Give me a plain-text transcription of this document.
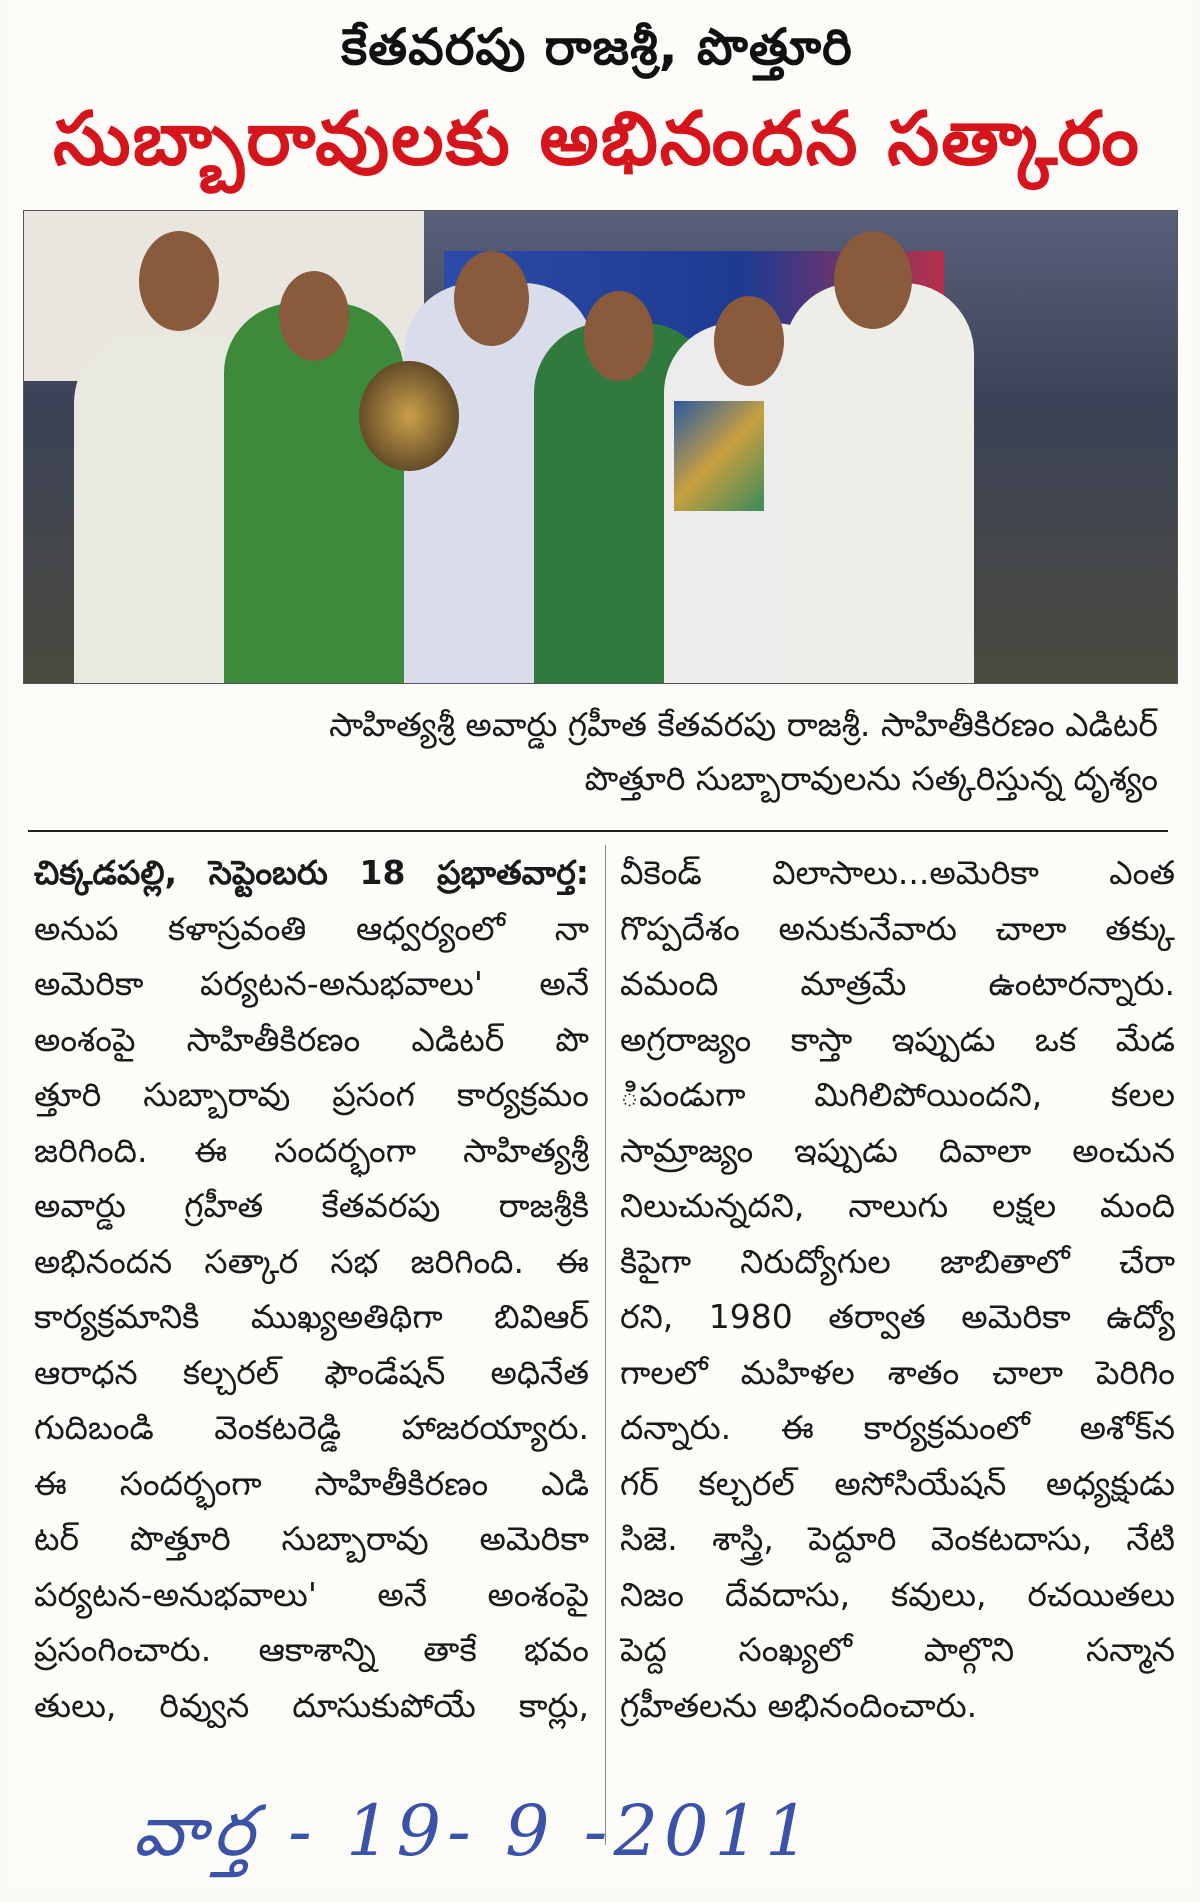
కేతవరపు రాజశ్రీ, పొత్తూరి
సుబ్బారావులకు అభినందన సత్కారం
సాహిత్యశ్రీ అవార్డు గ్రహీత కేతవరపు రాజశ్రీ. సాహితీకిరణం ఎడిటర్
పొత్తూరి సుబ్బారావులను సత్కరిస్తున్న దృశ్యం
చిక్కడపల్లి, సెప్టెంబరు 18 ప్రభాతవార్త:
అనుప కళాస్రవంతి ఆధ్వర్యంలో నా
అమెరికా పర్యటన-అనుభవాలు' అనే
అంశంపై సాహితీకిరణం ఎడిటర్ పొ
త్తూరి సుబ్బారావు ప్రసంగ కార్యక్రమం
జరిగింది. ఈ సందర్భంగా సాహిత్యశ్రీ
అవార్డు గ్రహీత కేతవరపు రాజశ్రీకి
అభినందన సత్కార సభ జరిగింది. ఈ
కార్యక్రమానికి ముఖ్యఅతిథిగా బివిఆర్
ఆరాధన కల్చరల్ ఫౌండేషన్ అధినేత
గుదిబండి వెంకటరెడ్డి హాజరయ్యారు.
ఈ సందర్భంగా సాహితీకిరణం ఎడి
టర్ పొత్తూరి సుబ్బారావు అమెరికా
పర్యటన-అనుభవాలు' అనే అంశంపై
ప్రసంగించారు. ఆకాశాన్ని తాకే భవం
తులు, రివ్వున దూసుకుపోయే కార్లు,
వీకెండ్ విలాసాలు...అమెరికా ఎంత
గొప్పదేశం అనుకునేవారు చాలా తక్కు
వమంది మాత్రమే ఉంటారన్నారు.
అగ్రరాజ్యం కాస్తా ఇప్పుడు ఒక మేడ
ిపండుగా మిగిలిపోయిందని, కలల
సామ్రాజ్యం ఇప్పుడు దివాలా అంచున
నిలుచున్నదని, నాలుగు లక్షల మంది
కిపైగా నిరుద్యోగుల జాబితాలో చేరా
రని, 1980 తర్వాత అమెరికా ఉద్యో
గాలలో మహిళల శాతం చాలా పెరిగిం
దన్నారు. ఈ కార్యక్రమంలో అశోక్‌న
గర్ కల్చరల్ అసోసియేషన్ అధ్యక్షుడు
సిజె. శాస్త్రి, పెద్దూరి వెంకటదాసు, నేటి
నిజం దేవదాసు, కవులు, రచయితలు
పెద్ద సంఖ్యలో పాల్గొని సన్మాన
గ్రహీతలను అభినందించారు.
వార్త - 19- 9 -2011
